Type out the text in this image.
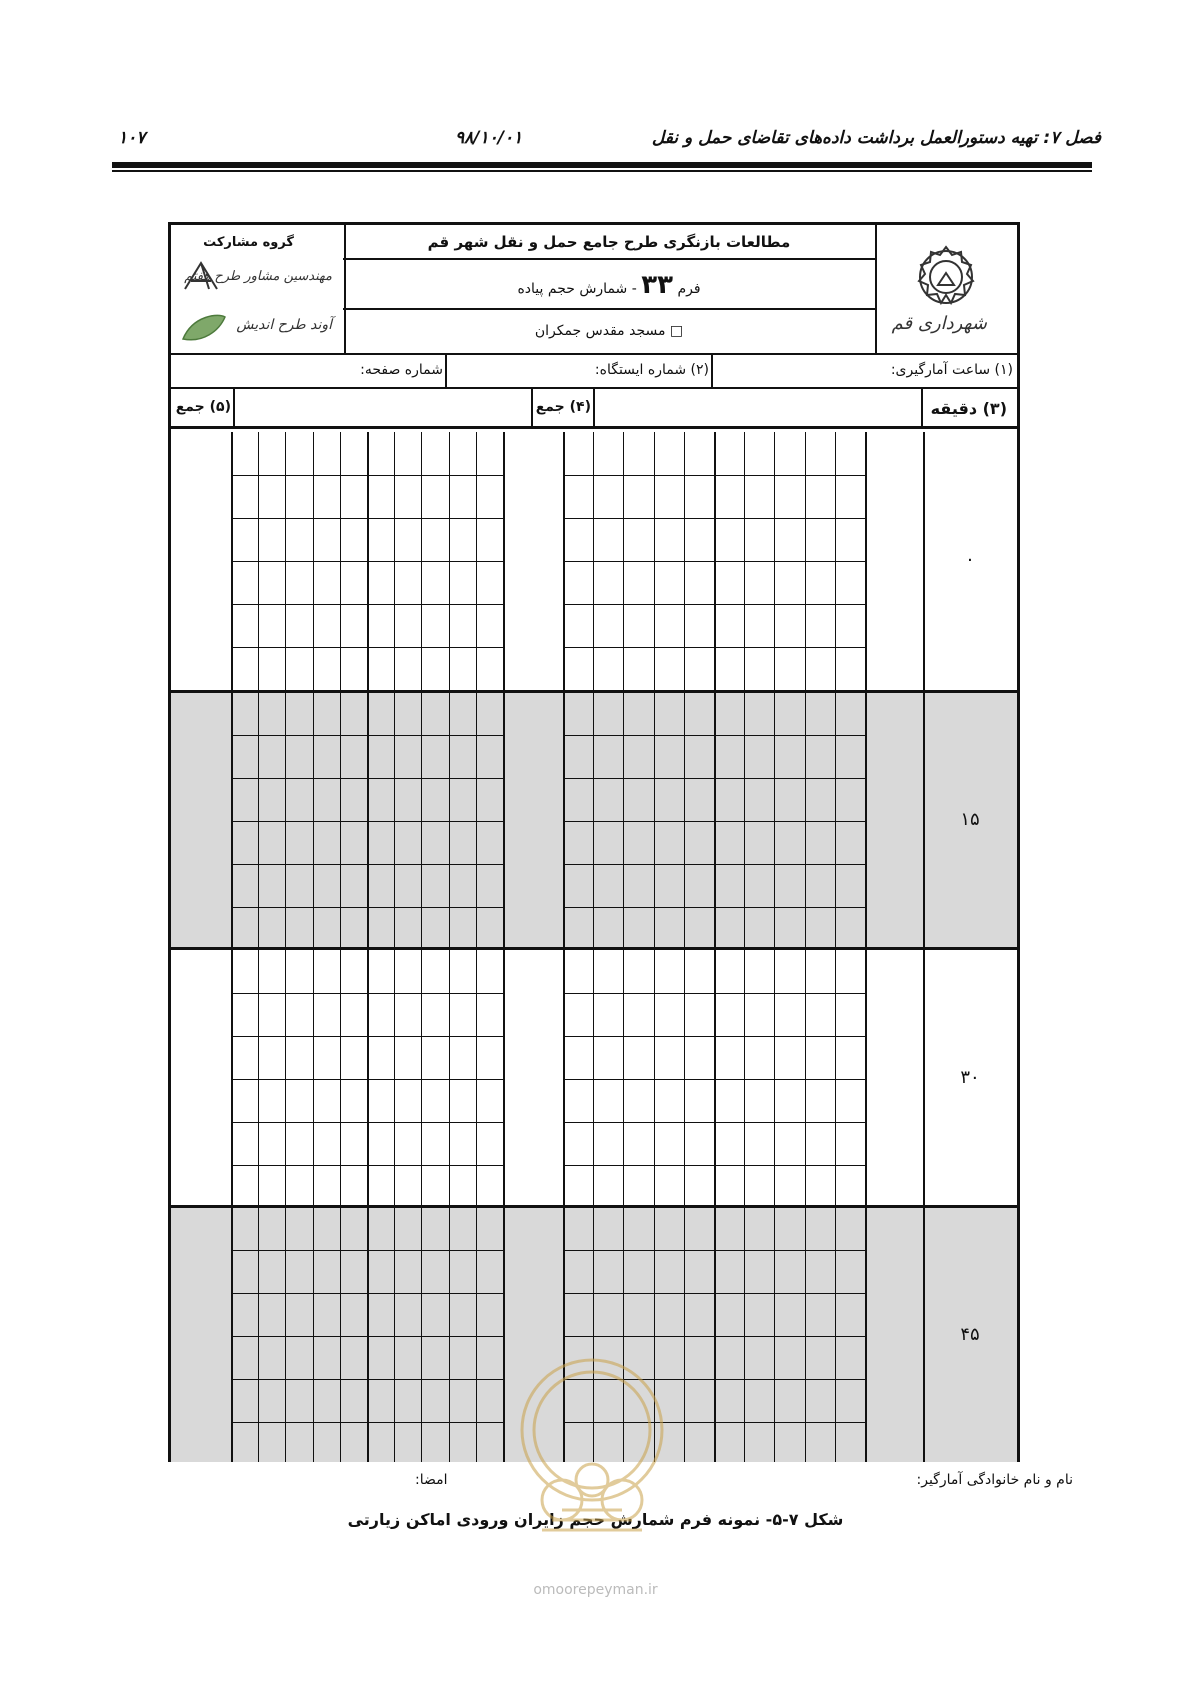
فصل ۷: تهیه دستورالعمل برداشت داده‌های تقاضای حمل و نقل
۹۸/۱۰/۰۱
۱۰۷
شهرداری قم
مطالعات بازنگری طرح جامع حمل و نقل شهر قم
فرم ۳۳ - شمارش حجم پیاده
□ مسجد مقدس جمکران
گروه مشارکت
مهندسین مشاور طرح هفتم
آوند طرح اندیش
(۱) ساعت آمارگیری:
(۲) شماره ایستگاه:
شماره صفحه:
(۳) دقیقه
(۴) جمع
(۵) جمع
۰
۱۵
۳۰
۴۵
نام و نام خانوادگی آمارگیر:
امضا:
شکل ۷-۵- نمونه فرم شمارش حجم زایران ورودی اماکن زیارتی
omoorepeyman.ir
